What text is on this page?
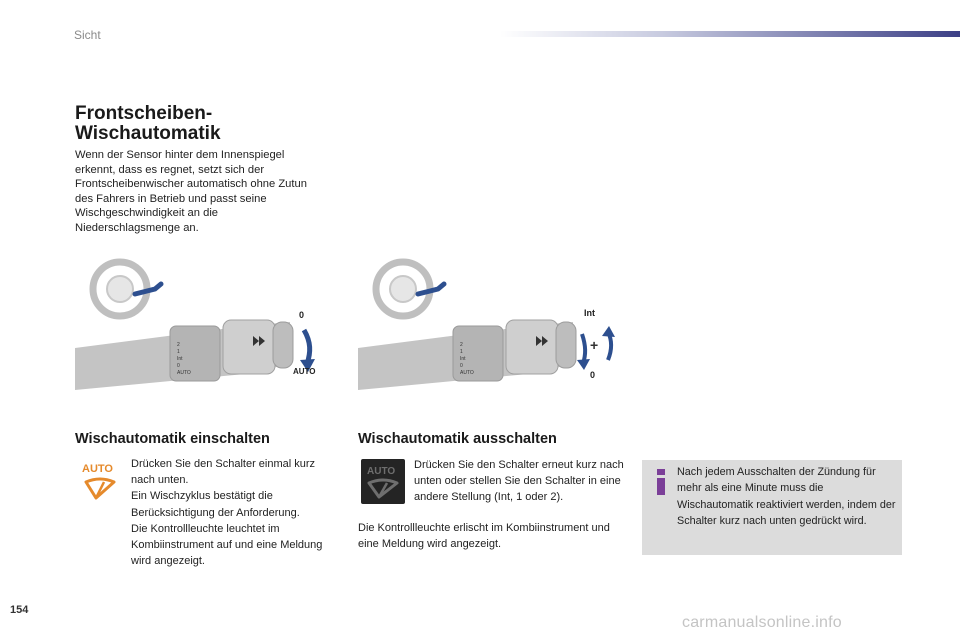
Sicht
Frontscheiben-
Wischautomatik
Wenn der Sensor hinter dem Innenspiegel erkennt, dass es regnet, setzt sich der Frontscheibenwischer automatisch ohne Zutun des Fahrers in Betrieb und passt seine Wischgeschwindigkeit an die Niederschlagsmenge an.
2 1 Int 0 AUTO
0
AUTO
2 1 Int 0 AUTO
+
Int
0
Wischautomatik einschalten	Wischautomatik ausschalten
AUTO Drücken Sie den Schalter einmal kurz nach unten.

Ein Wischzyklus bestätigt die Berücksichtigung der Anforderung.

Die Kontrollleuchte leuchtet im Kombiinstrument auf und eine Meldung wird angezeigt.

AUTO
Drücken Sie den Schalter erneut kurz nach unten oder stellen Sie den Schalter in eine andere Stellung (Int, 1 oder 2).
Die Kontrollleuchte erlischt im Kombiinstrument und eine Meldung wird angezeigt.
Nach jedem Ausschalten der Zündung für mehr als eine Minute muss die Wischautomatik reaktiviert werden, indem der Schalter kurz nach unten gedrückt wird.
154
carmanualsonline.info
